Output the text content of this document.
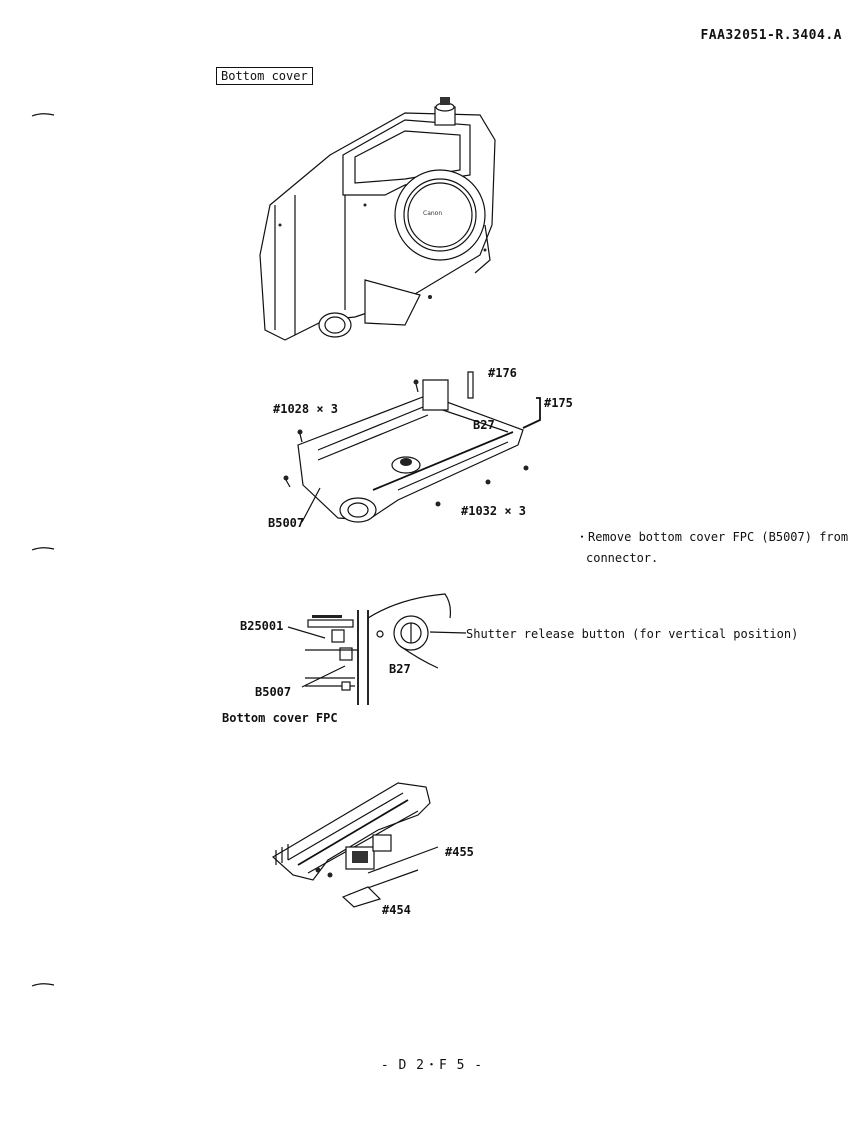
FAA32051-R.3404.A
Bottom cover
Canon
#176
#175
#1028 × 3
B27
B5007
#1032 × 3
・Remove bottom cover FPC (B5007) from
connector.
B25001
Shutter release button (for vertical position)
B27
B5007
Bottom cover FPC
#455
#454
- D 2・F 5 -
